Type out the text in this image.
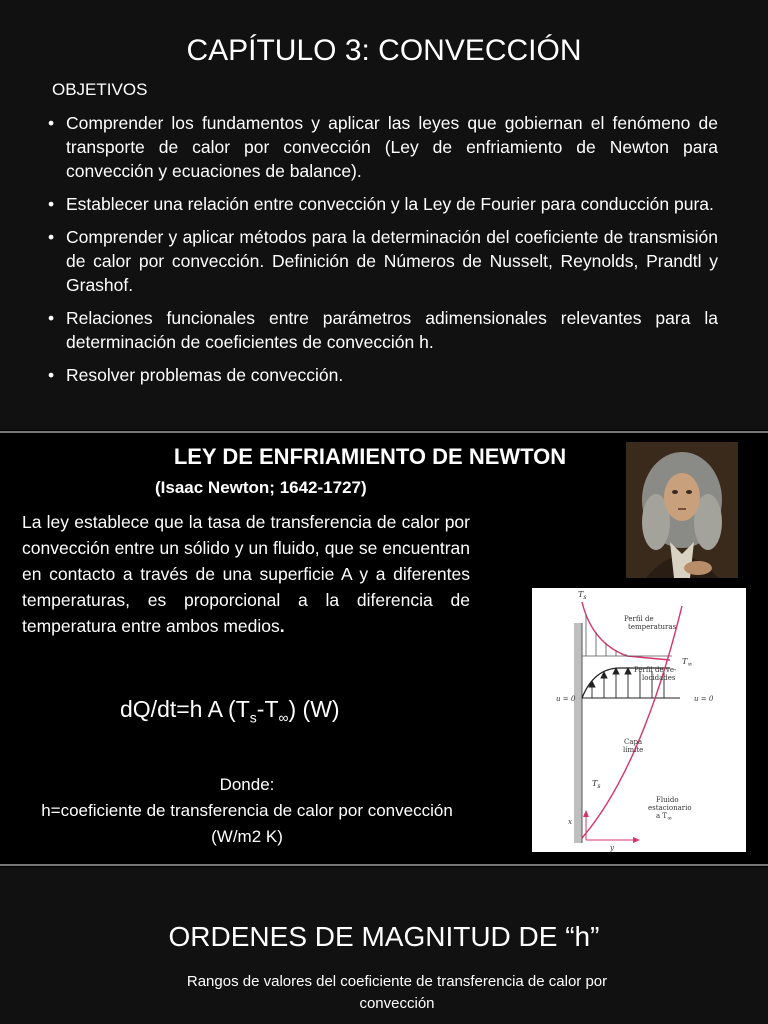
CAPÍTULO 3: CONVECCIÓN
OBJETIVOS
• Comprender los fundamentos y aplicar las leyes que gobiernan el fenómeno de transporte de calor por convección (Ley de enfriamiento de Newton para convección y ecuaciones de balance).
• Establecer una relación entre convección y la Ley de Fourier para conducción pura.
• Comprender y aplicar métodos para la determinación del coeficiente de transmisión de calor por convección. Definición de Números de Nusselt, Reynolds, Prandtl y Grashof.
• Relaciones funcionales entre parámetros adimensionales relevantes para la determinación de coeficientes de convección h.
• Resolver problemas de convección.
LEY DE ENFRIAMIENTO DE NEWTON
(Isaac Newton; 1642-1727)
La ley establece que la tasa de transferencia de calor por convección entre un sólido y un fluido, que se encuentran en contacto a través de una superficie A y a diferentes temperaturas, es proporcional a la diferencia de temperatura entre ambos medios.
dQ/dt=h A $(T_s-T_\infty)$ (W)
Donde:
h=coeficiente de transferencia de calor por convección (W/m2 K)
$T_s$
Perfil de temperaturas
$T_\infty$
Perfil de ve-locidades
u = 0	u = 0
Capa límite
$T_s$
Fluido estacionario a T∞
x
y
ORDENES DE MAGNITUD DE “h”
Rangos de valores del coeficiente de transferencia de calor por convección
